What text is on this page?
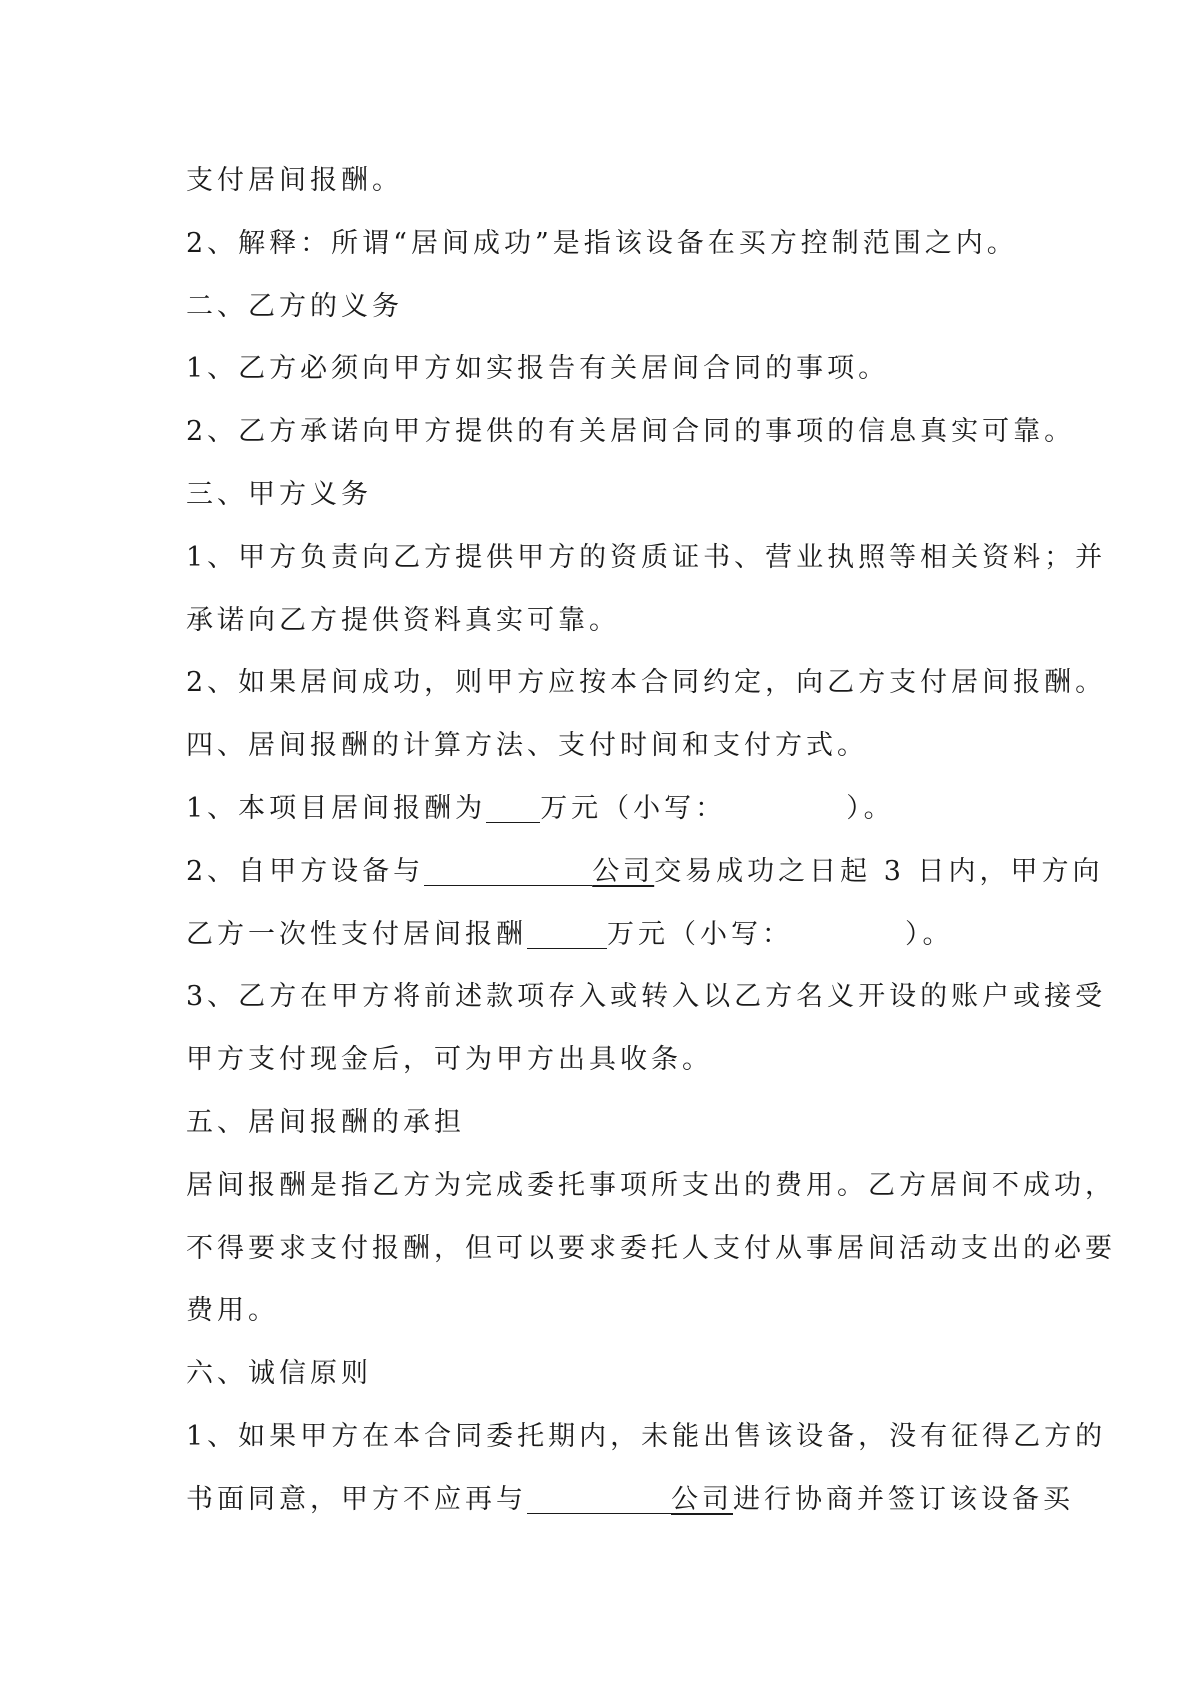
支付居间报酬。
2、解释：所谓“居间成功”是指该设备在买方控制范围之内。
二、乙方的义务
1、乙方必须向甲方如实报告有关居间合同的事项。
2、乙方承诺向甲方提供的有关居间合同的事项的信息真实可靠。
三、甲方义务
1、甲方负责向乙方提供甲方的资质证书、营业执照等相关资料；并
承诺向乙方提供资料真实可靠。
2、如果居间成功，则甲方应按本合同约定，向乙方支付居间报酬。
四、居间报酬的计算方法、支付时间和支付方式。
1、本项目居间报酬为 万元（小写：	）。
2、自甲方设备与	公司交易成功之日起 3 日内，甲方向
乙方一次性支付居间报酬	万元（小写：	）。
3、乙方在甲方将前述款项存入或转入以乙方名义开设的账户或接受
甲方支付现金后，可为甲方出具收条。
五、居间报酬的承担
居间报酬是指乙方为完成委托事项所支出的费用。乙方居间不成功，
不得要求支付报酬，但可以要求委托人支付从事居间活动支出的必要
费用。
六、诚信原则
1、如果甲方在本合同委托期内，未能出售该设备，没有征得乙方的
书面同意，甲方不应再与	公司进行协商并签订该设备买
